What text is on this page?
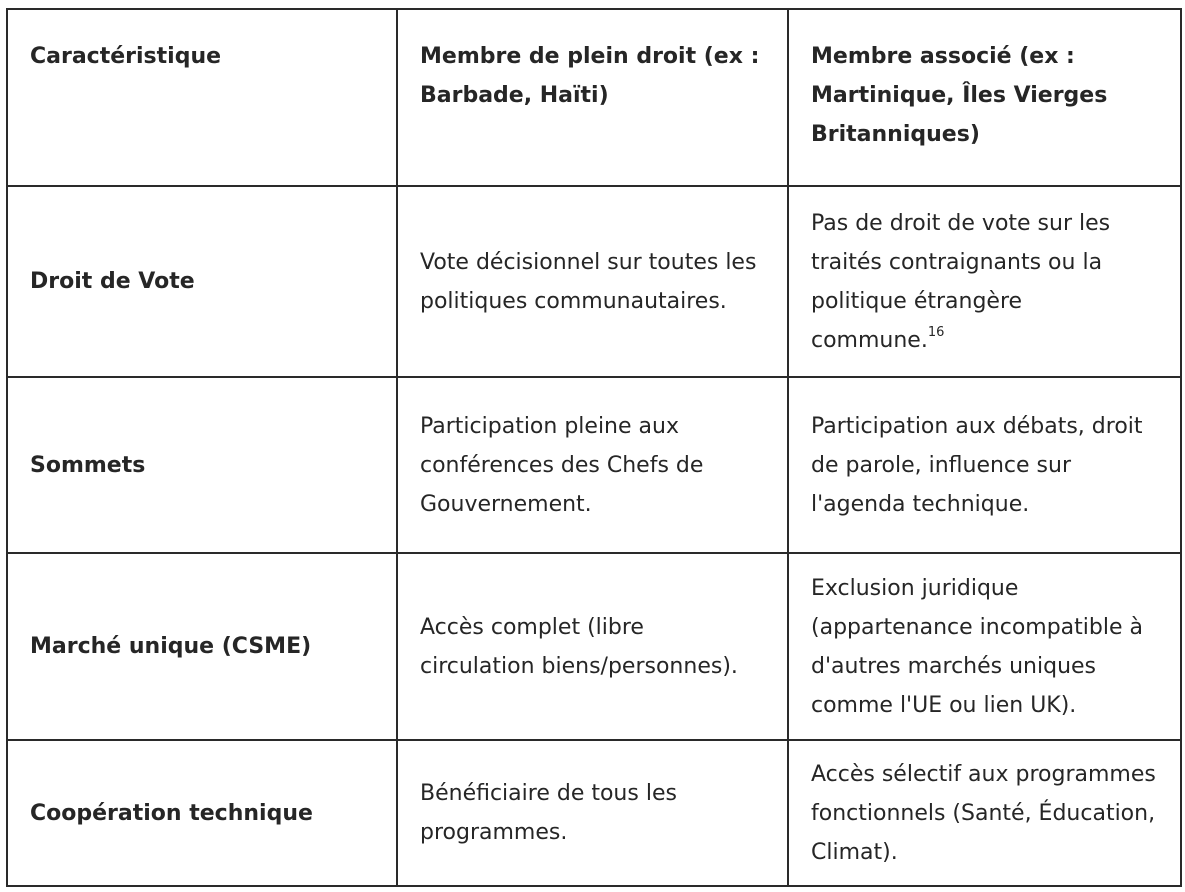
Caractéristique	Membre de plein droit (ex : Barbade, Haïti)	Membre associé (ex : Martinique, Îles Vierges Britanniques)
Droit de Vote	Vote décisionnel sur toutes les politiques communautaires.	Pas de droit de vote sur les traités contraignants ou la politique étrangère commune.$^{16}$
Sommets	Participation pleine aux conférences des Chefs de Gouvernement.	Participation aux débats, droit de parole, influence sur l'agenda technique.
Marché unique (CSME)	Accès complet (libre circulation biens/personnes).	Exclusion juridique (appartenance incompatible à d'autres marchés uniques comme l'UE ou lien UK).
Coopération technique	Bénéficiaire de tous les programmes.	Accès sélectif aux programmes fonctionnels (Santé, Éducation, Climat).
